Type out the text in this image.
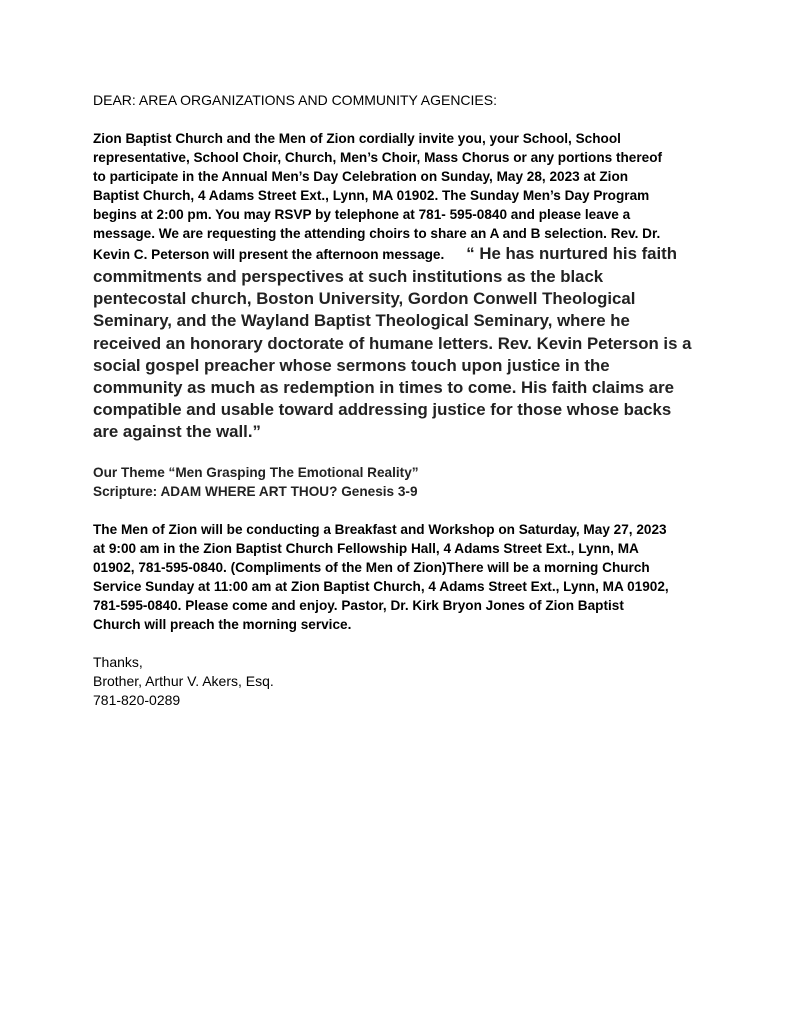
DEAR: AREA ORGANIZATIONS AND COMMUNITY AGENCIES:
Zion Baptist Church and the Men of Zion cordially invite you, your School, School
representative, School Choir, Church, Men’s Choir, Mass Chorus or any portions thereof
to participate in the Annual Men’s Day Celebration on Sunday, May 28, 2023 at Zion
Baptist Church, 4 Adams Street Ext., Lynn, MA 01902. The Sunday Men’s Day Program
begins at 2:00 pm. You may RSVP by telephone at 781- 595-0840 and please leave a
message. We are requesting the attending choirs to share an A and B selection. Rev. Dr.
Kevin C. Peterson will present the afternoon message. “ He has nurtured his faith
commitments and perspectives at such institutions as the black
pentecostal church, Boston University, Gordon Conwell Theological
Seminary, and the Wayland Baptist Theological Seminary, where he
received an honorary doctorate of humane letters. Rev. Kevin Peterson is a
social gospel preacher whose sermons touch upon justice in the
community as much as redemption in times to come. His faith claims are
compatible and usable toward addressing justice for those whose backs
are against the wall.”
Our Theme “Men Grasping The Emotional Reality”
Scripture: ADAM WHERE ART THOU? Genesis 3-9
The Men of Zion will be conducting a Breakfast and Workshop on Saturday, May 27, 2023
at 9:00 am in the Zion Baptist Church Fellowship Hall, 4 Adams Street Ext., Lynn, MA
01902, 781-595-0840. (Compliments of the Men of Zion)There will be a morning Church
Service Sunday at 11:00 am at Zion Baptist Church, 4 Adams Street Ext., Lynn, MA 01902,
781-595-0840. Please come and enjoy. Pastor, Dr. Kirk Bryon Jones of Zion Baptist
Church will preach the morning service.
Thanks,
Brother, Arthur V. Akers, Esq.
781-820-0289
